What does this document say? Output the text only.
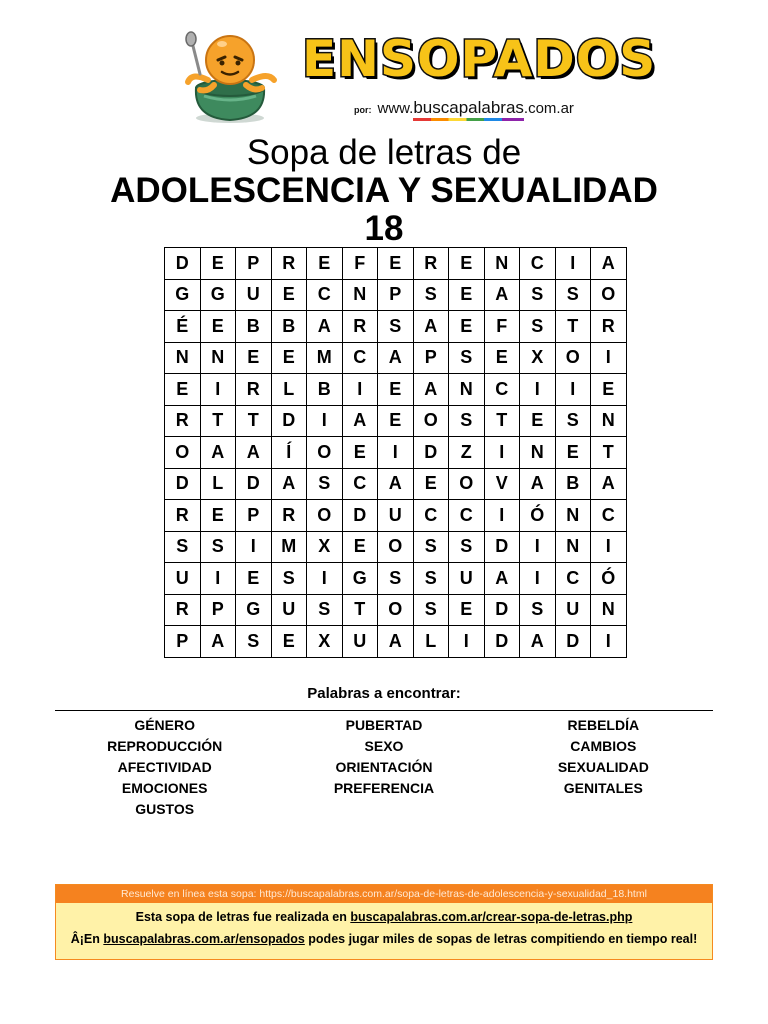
ENSOPADOS
por: www.buscapalabras
.com.ar
Sopa de letras de
ADOLESCENCIA Y SEXUALIDAD
18
D	E	P	R	E	F	E	R	E	N	C	I	A
G	G	U	E	C	N	P	S	E	A	S	S	O
É	E	B	B	A	R	S	A	E	F	S	T	R
N	N	E	E	M	C	A	P	S	E	X	O	I
E	I	R	L	B	I	E	A	N	C	I	I	E
R	T	T	D	I	A	E	O	S	T	E	S	N
O	A	A	Í	O	E	I	D	Z	I	N	E	T
D	L	D	A	S	C	A	E	O	V	A	B	A
R	E	P	R	O	D	U	C	C	I	Ó	N	C
S	S	I	M	X	E	O	S	S	D	I	N	I
U	I	E	S	I	G	S	S	U	A	I	C	Ó
R	P	G	U	S	T	O	S	E	D	S	U	N
P	A	S	E	X	U	A	L	I	D	A	D	I
Palabras a encontrar:
GÉNERO
REPRODUCCIÓN
AFECTIVIDAD
EMOCIONES
GUSTOS
PUBERTAD
SEXO
ORIENTACIÓN
PREFERENCIA
REBELDÍA
CAMBIOS
SEXUALIDAD
GENITALES
Resuelve en línea esta sopa: https://buscapalabras.com.ar/sopa-de-letras-de-adolescencia-y-sexualidad_18.html
Esta sopa de letras fue realizada en buscapalabras.com.ar/crear-sopa-de-letras.php
Â¡En buscapalabras.com.ar/ensopados podes jugar miles de sopas de letras compitiendo en tiempo real!
